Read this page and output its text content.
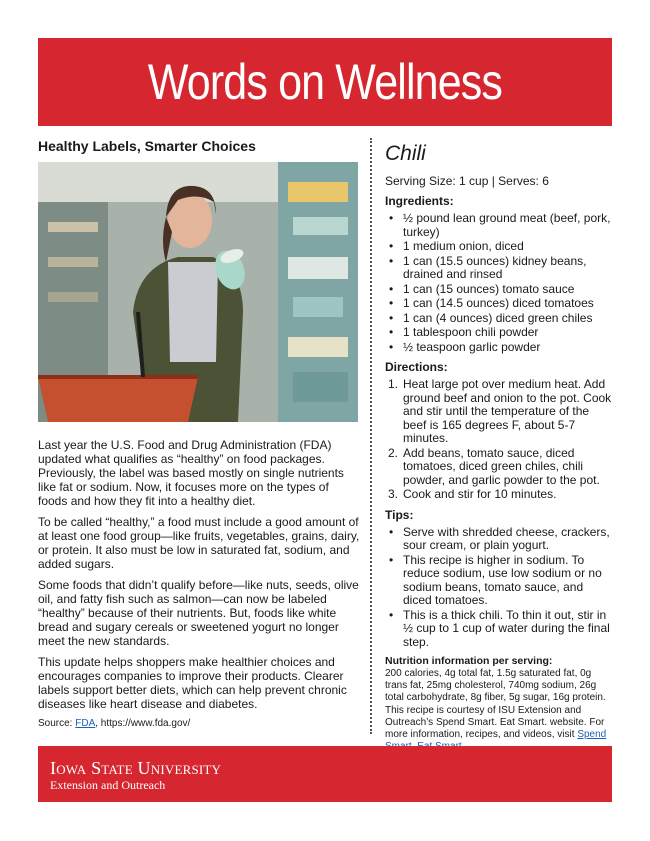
Words on Wellness
Healthy Labels, Smarter Choices

Last year the U.S. Food and Drug Administration (FDA) updated what qualifies as “healthy” on food packages. Previously, the label was based mostly on single nutrients like fat or sodium. Now, it focuses more on the types of foods and how they fit into a healthy diet.

To be called “healthy,” a food must include a good amount of at least one food group—like fruits, vegetables, grains, dairy, or protein. It also must be low in saturated fat, sodium, and added sugars.

Some foods that didn’t qualify before—like nuts, seeds, olive oil, and fatty fish such as salmon—can now be labeled “healthy” because of their nutrients. But, foods like white bread and sugary cereals or sweetened yogurt no longer meet the new standards.

This update helps shoppers make healthier choices and encourages companies to improve their products. Clearer labels support better diets, which can help prevent chronic diseases like heart disease and diabetes.

Source: FDA, https://www.fda.gov/

Chili
Serving Size: 1 cup | Serves: 6
Ingredients:
• ½ pound lean ground meat (beef, pork, turkey)
• 1 medium onion, diced
• 1 can (15.5 ounces) kidney beans, drained and rinsed
• 1 can (15 ounces) tomato sauce
• 1 can (14.5 ounces) diced tomatoes
• 1 can (4 ounces) diced green chiles
• 1 tablespoon chili powder
• ½ teaspoon garlic powder
Directions:
1. Heat large pot over medium heat. Add ground beef and onion to the pot. Cook and stir until the temperature of the beef is 165 degrees F, about 5-7 minutes.
2. Add beans, tomato sauce, diced tomatoes, diced green chiles, chili powder, and garlic powder to the pot.
3. Cook and stir for 10 minutes.
Tips:
• Serve with shredded cheese, crackers, sour cream, or plain yogurt.
• This recipe is higher in sodium. To reduce sodium, use low sodium or no sodium beans, tomato sauce, and diced tomatoes.
• This is a thick chili. To thin it out, stir in ½ cup to 1 cup of water during the final step.
Nutrition information per serving:
200 calories, 4g total fat, 1.5g saturated fat, 0g trans fat, 25mg cholesterol, 740mg sodium, 26g total carbohydrate, 8g fiber, 5g sugar, 16g protein.
This recipe is courtesy of ISU Extension and Outreach’s Spend Smart. Eat Smart. website. For more information, recipes, and videos, visit Spend
Iowa State University
Extension and Outreach
